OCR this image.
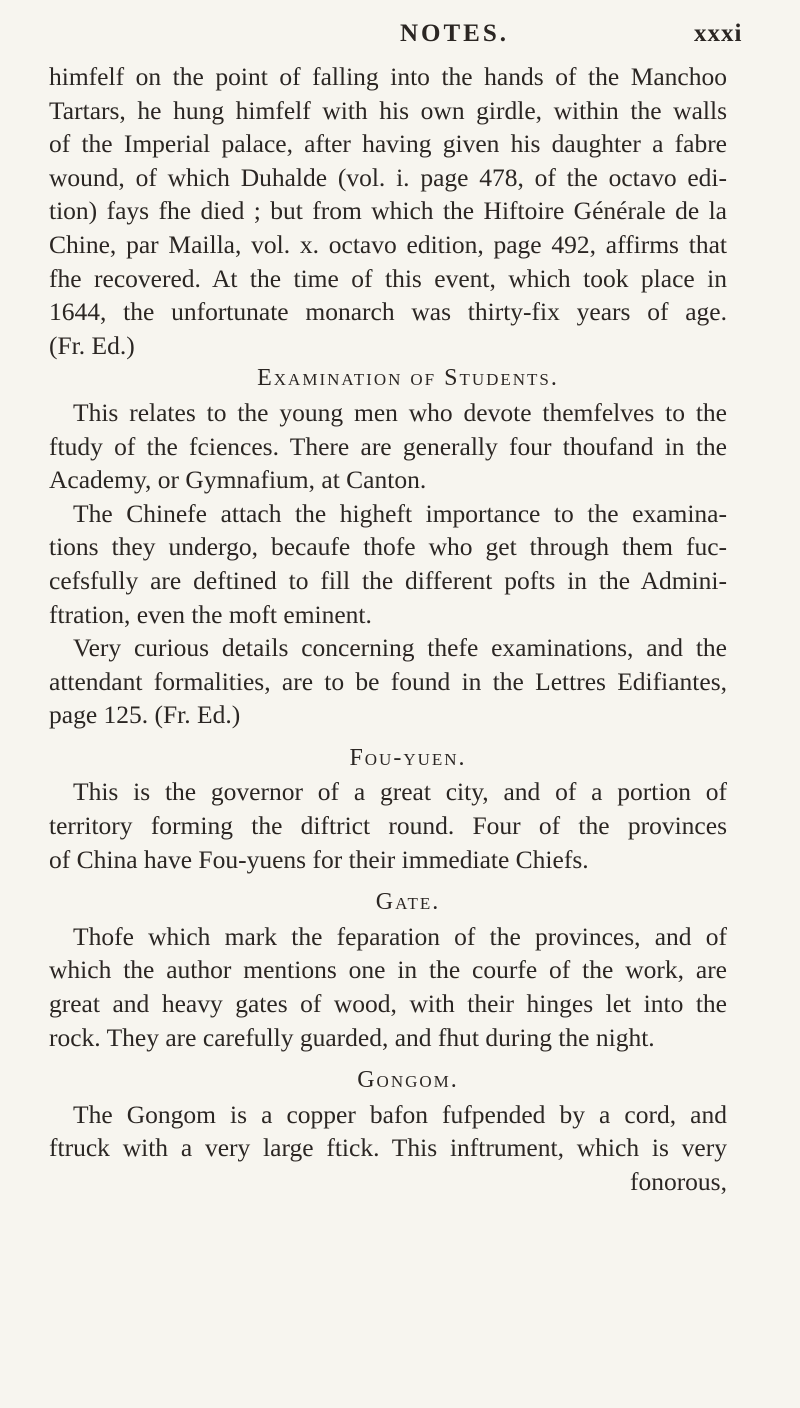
NOTES.	xxxi
himfelf on the point of falling into the hands of the Manchoo
Tartars, he hung himfelf with his own girdle, within the walls
of the Imperial palace, after having given his daughter a fabre
wound, of which Duhalde (vol. i. page 478, of the octavo edi-
tion) fays fhe died ; but from which the Hiftoire Générale de la
Chine, par Mailla, vol. x. octavo edition, page 492, affirms that
fhe recovered. At the time of this event, which took place in
1644, the unfortunate monarch was thirty-fix years of age.
(Fr. Ed.)
Examination of Students.
This relates to the young men who devote themfelves to the
ftudy of the fciences. There are generally four thoufand in the
Academy, or Gymnafium, at Canton.
The Chinefe attach the higheft importance to the examina-
tions they undergo, becaufe thofe who get through them fuc-
cefsfully are deftined to fill the different pofts in the Admini-
ftration, even the moft eminent.
Very curious details concerning thefe examinations, and the
attendant formalities, are to be found in the Lettres Edifiantes,
page 125. (Fr. Ed.)
Fou-yuen.
This is the governor of a great city, and of a portion of
territory forming the diftrict round. Four of the provinces
of China have Fou-yuens for their immediate Chiefs.
Gate.
Thofe which mark the feparation of the provinces, and of
which the author mentions one in the courfe of the work, are
great and heavy gates of wood, with their hinges let into the
rock. They are carefully guarded, and fhut during the night.
Gongom.
The Gongom is a copper bafon fufpended by a cord, and
ftruck with a very large ftick. This inftrument, which is very
fonorous,
